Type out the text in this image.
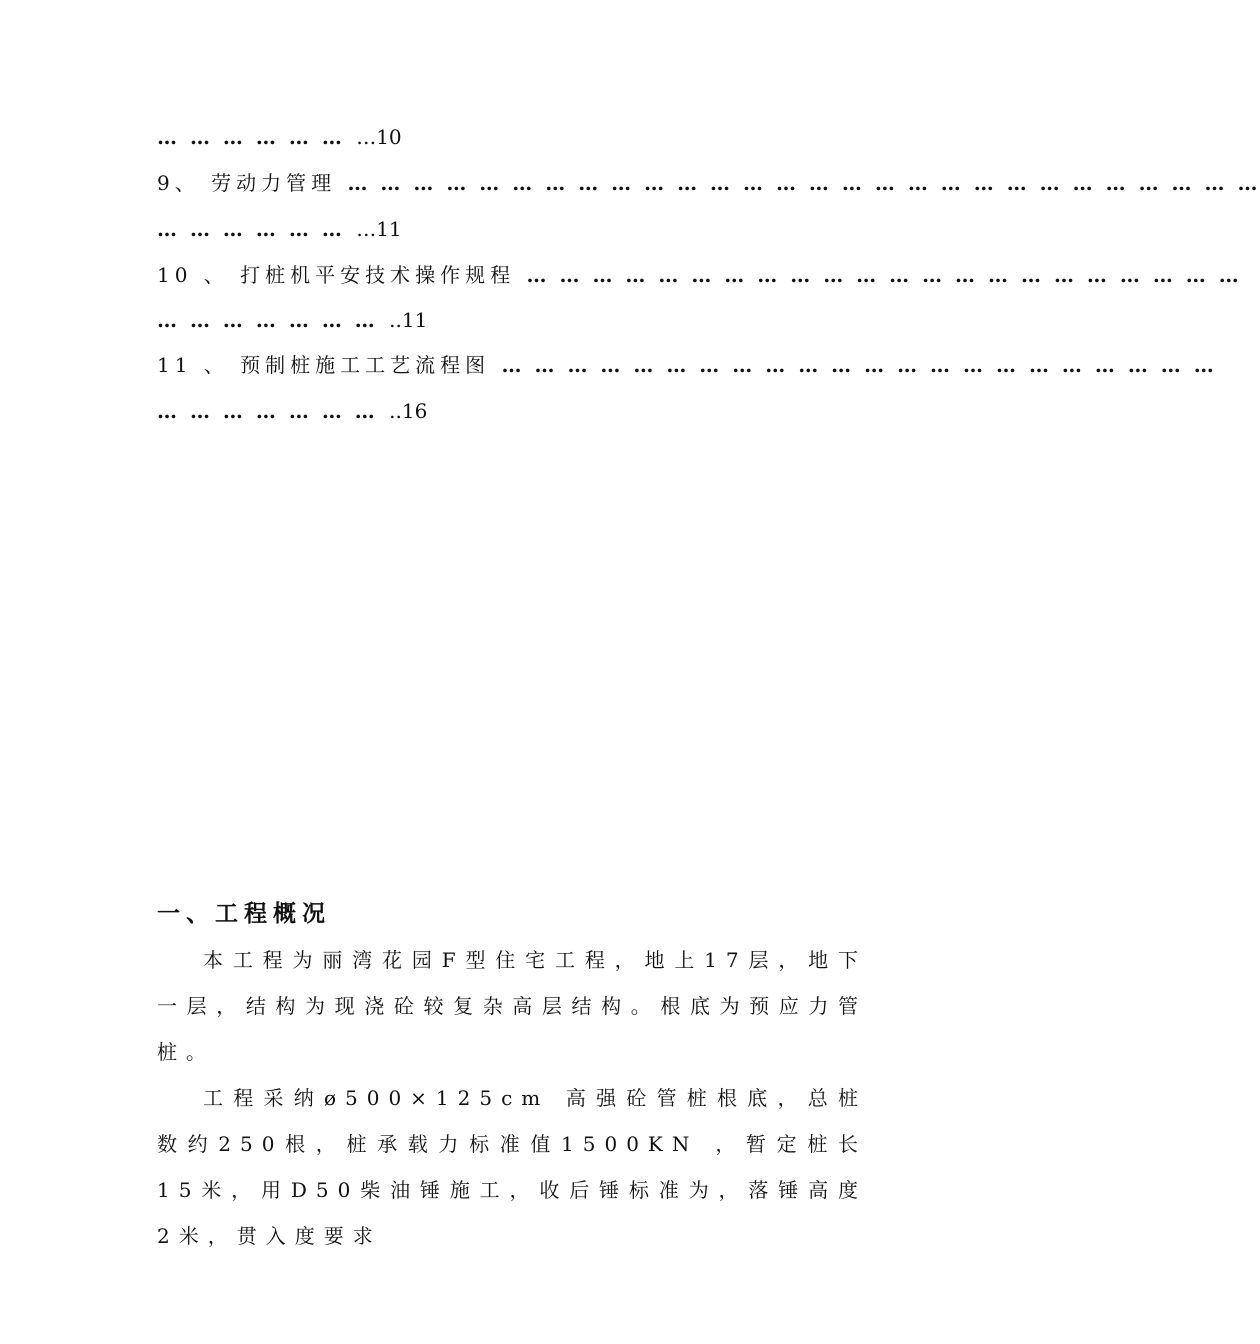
… … … … … … …10
9、 劳动力管理 … … … … … … … … … … … … … … … … … … … … … … … … … … … …
… … … … … … …11
10 、 打桩机平安技术操作规程 … … … … … … … … … … … … … … … … … … … … … …
… … … … … … … ..11
11 、 预制桩施工工艺流程图 … … … … … … … … … … … … … … … … … … … … … …
… … … … … … … ..16
一、工程概况

本工程为丽湾花园F型住宅工程，地上17层，地下一层，结构为现浇砼较复杂高层结构。根底为预应力管桩。

工程采纳ø500×125cm 高强砼管桩根底，总桩数约250根，桩承载力标准值1500KN ，暂定桩长15米，用D50柴油锤施工，收后锤标准为，落锤高度2米，贯入度要求
